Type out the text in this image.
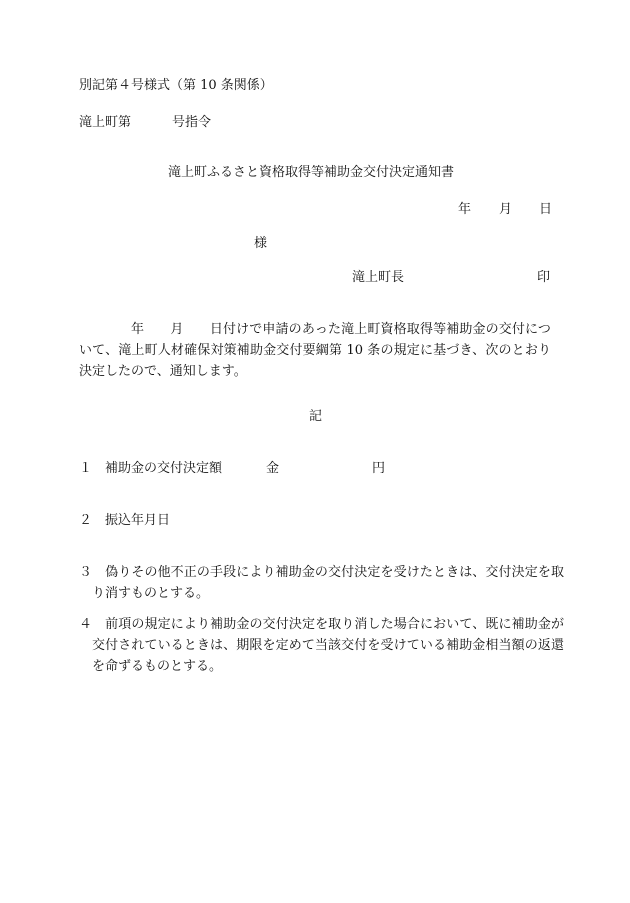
別記第４号様式（第 10 条関係）
滝上町第	号指令
滝上町ふるさと資格取得等補助金交付決定通知書
年 月 日
様
滝上町長	印
年　　 月　　 日付けで申請のあった滝上町資格取得等補助金の交付について、滝上町人材確保対策補助金交付要綱第 10 条の規定に基づき、次のとおり決定したので、通知します。
記
１ 補助金の交付決定額	金	円
２ 振込年月日
３ 偽りその他不正の手段により補助金の交付決定を受けたときは、交付決定を取り消すものとする。
４ 前項の規定により補助金の交付決定を取り消した場合において、既に補助金が交付されているときは、期限を定めて当該交付を受けている補助金相当額の返還を命ずるものとする。
